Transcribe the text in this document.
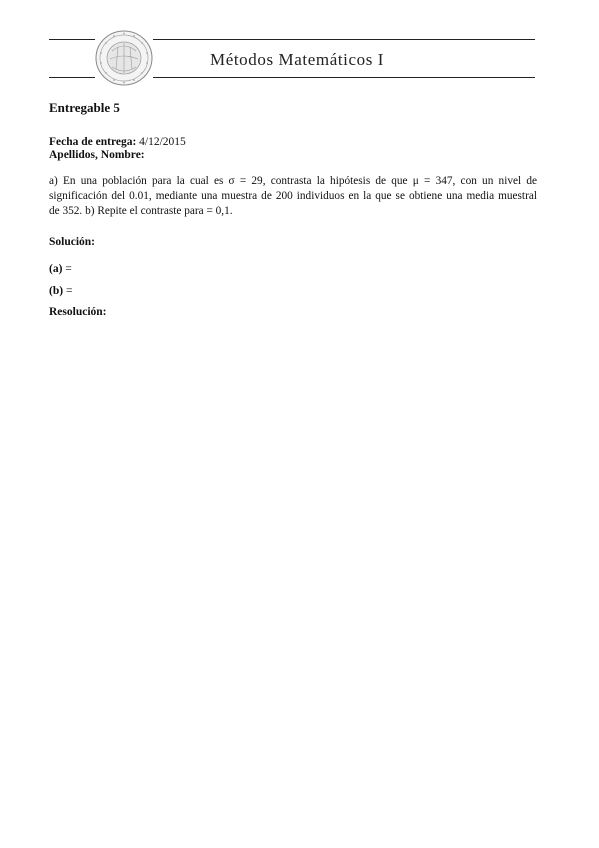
Métodos Matemáticos I
Entregable 5
Fecha de entrega: 4/12/2015
Apellidos, Nombre:
a) En una población para la cual es σ = 29, contrasta la hipótesis de que μ = 347, con un nivel de
significación del 0.01, mediante una muestra de 200 individuos en la que se obtiene una media muestral
de 352. b) Repite el contraste para = 0,1.
Solución:
(a) =
(b) =
Resolución:
